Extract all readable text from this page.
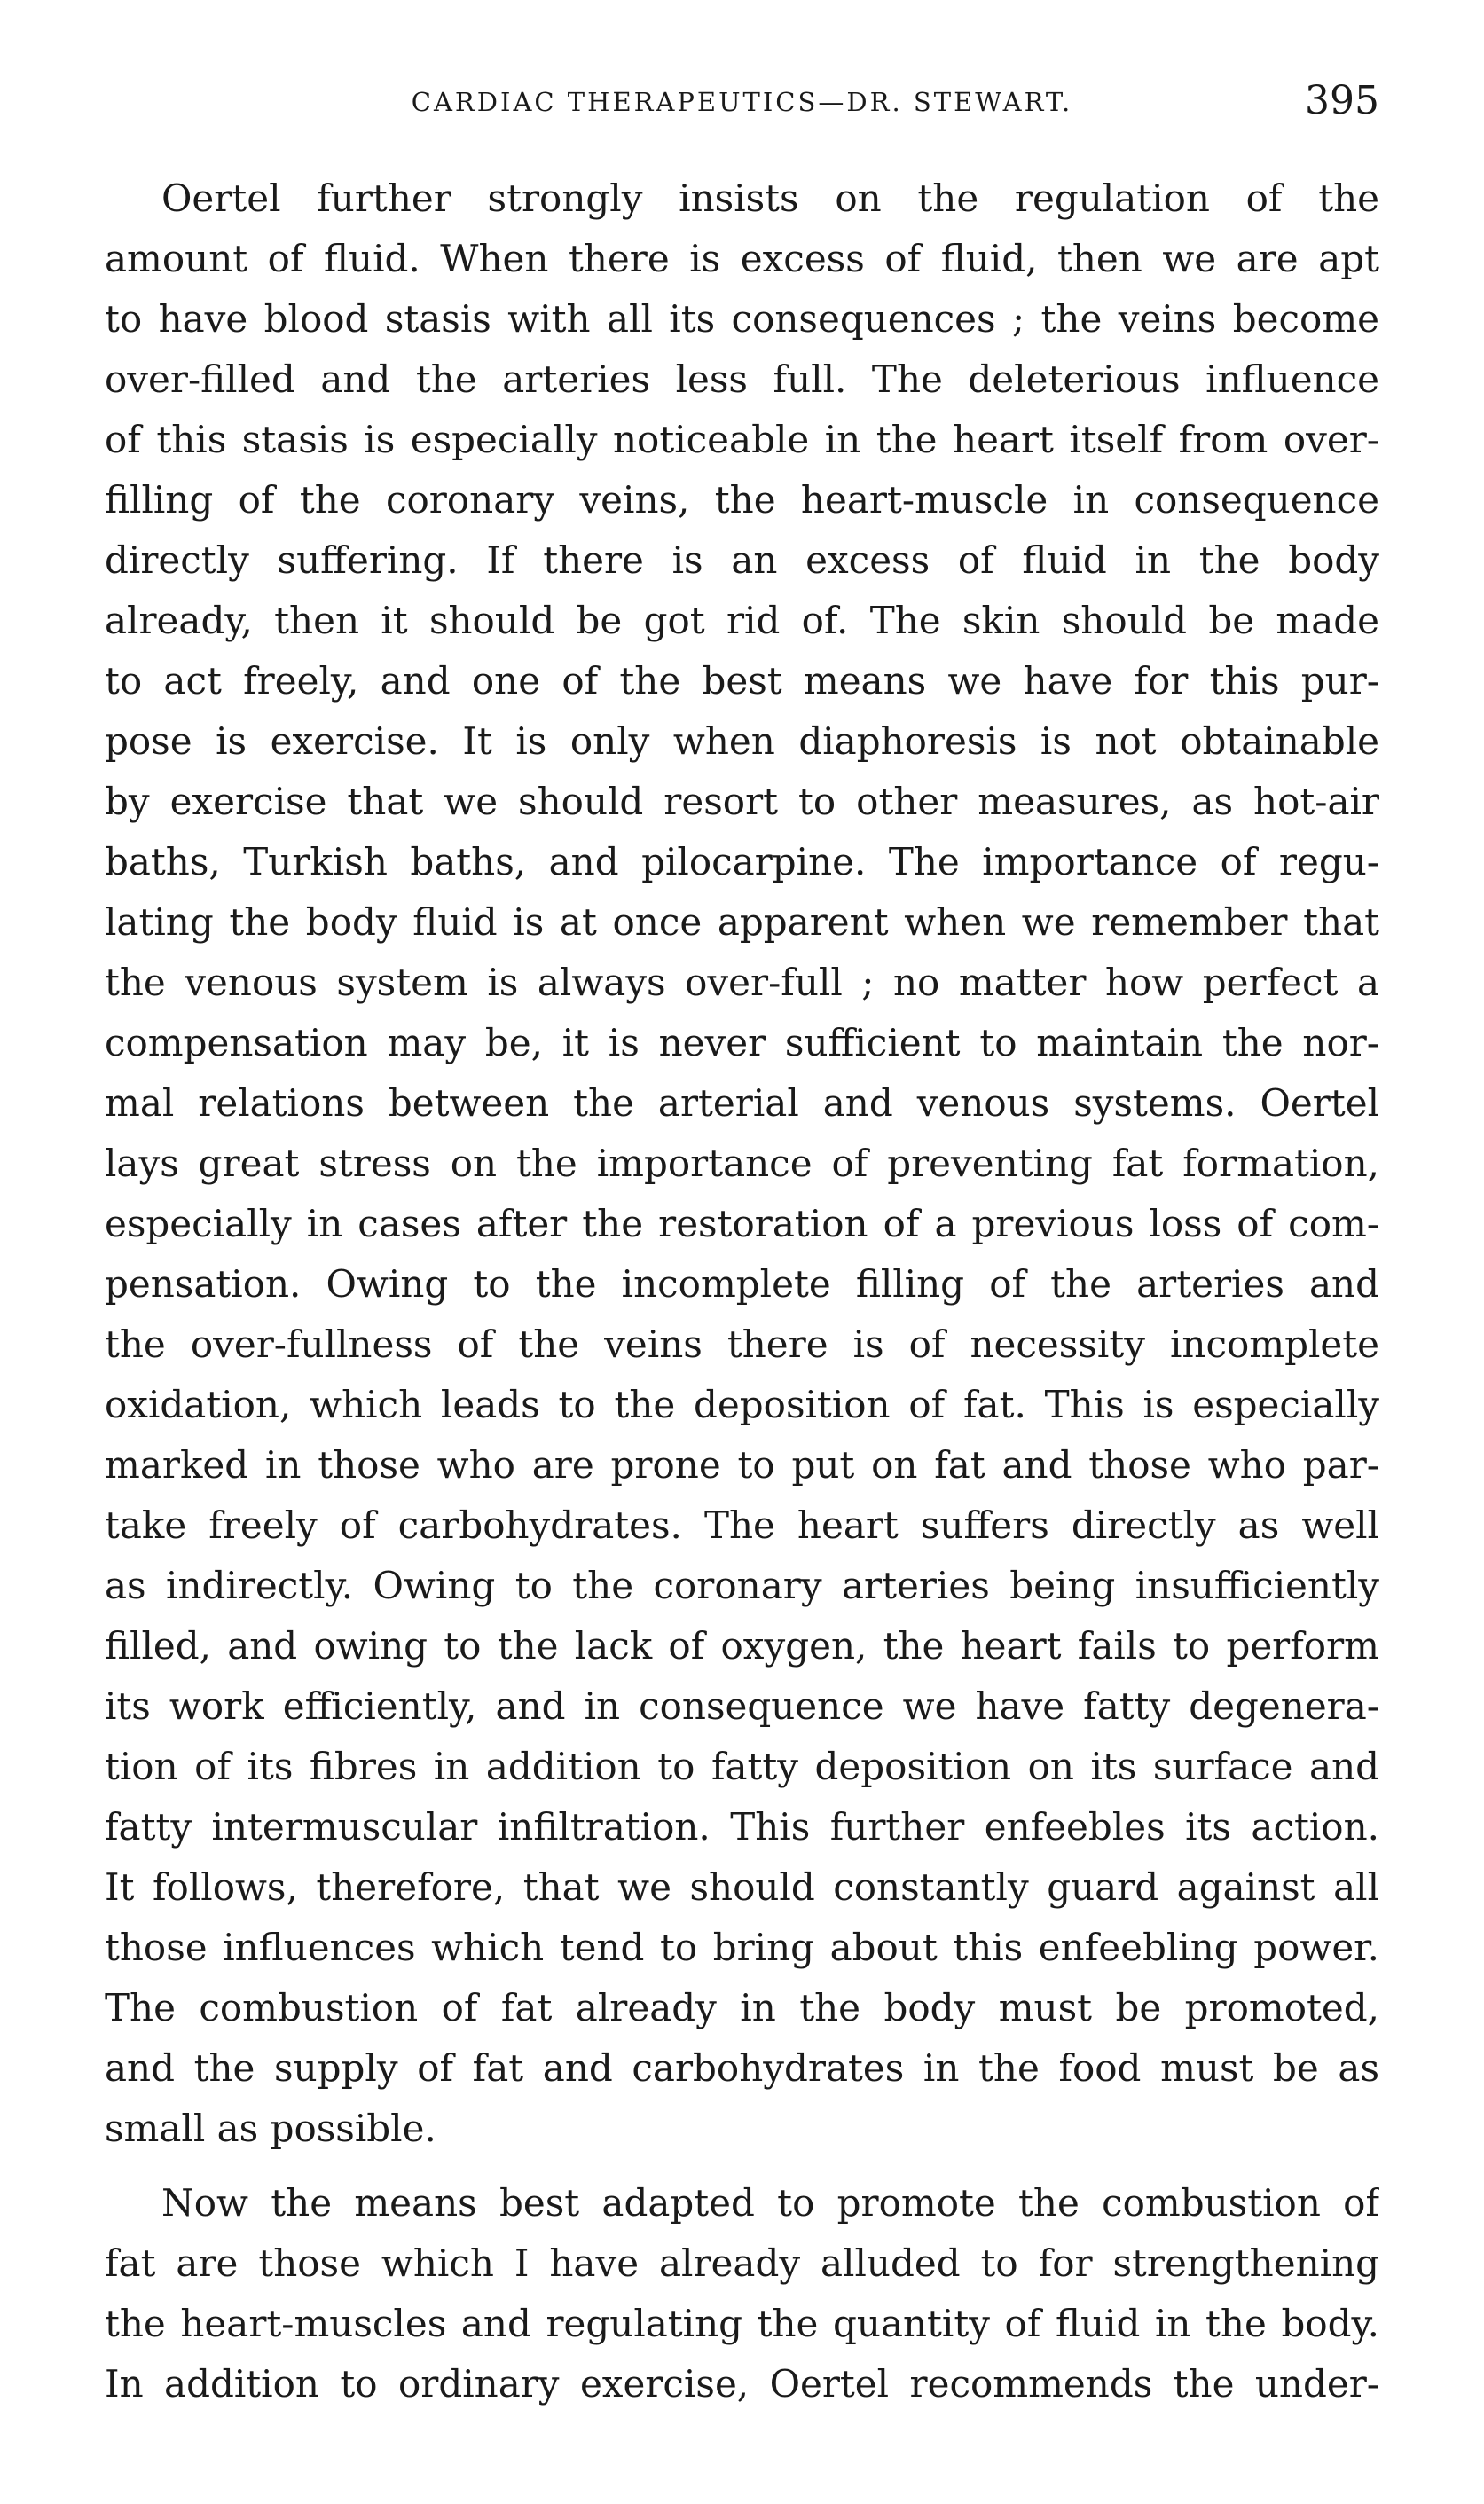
CARDIAC THERAPEUTICS—DR. STEWART.	395
Oertel further strongly insists on the regulation of the
amount of fluid. When there is excess of fluid, then we are apt
to have blood stasis with all its consequences ; the veins become
over-filled and the arteries less full. The deleterious influence
of this stasis is especially noticeable in the heart itself from over-
filling of the coronary veins, the heart-muscle in consequence
directly suffering. If there is an excess of fluid in the body
already, then it should be got rid of. The skin should be made
to act freely, and one of the best means we have for this pur-
pose is exercise. It is only when diaphoresis is not obtainable
by exercise that we should resort to other measures, as hot-air
baths, Turkish baths, and pilocarpine. The importance of regu-
lating the body fluid is at once apparent when we remember that
the venous system is always over-full ; no matter how perfect a
compensation may be, it is never sufficient to maintain the nor-
mal relations between the arterial and venous systems. Oertel
lays great stress on the importance of preventing fat formation,
especially in cases after the restoration of a previous loss of com-
pensation. Owing to the incomplete filling of the arteries and
the over-fullness of the veins there is of necessity incomplete
oxidation, which leads to the deposition of fat. This is especially
marked in those who are prone to put on fat and those who par-
take freely of carbohydrates. The heart suffers directly as well
as indirectly. Owing to the coronary arteries being insufficiently
filled, and owing to the lack of oxygen, the heart fails to perform
its work efficiently, and in consequence we have fatty degenera-
tion of its fibres in addition to fatty deposition on its surface and
fatty intermuscular infiltration. This further enfeebles its action.
It follows, therefore, that we should constantly guard against all
those influences which tend to bring about this enfeebling power.
The combustion of fat already in the body must be promoted,
and the supply of fat and carbohydrates in the food must be as
small as possible.
Now the means best adapted to promote the combustion of
fat are those which I have already alluded to for strengthening
the heart-muscles and regulating the quantity of fluid in the body.
In addition to ordinary exercise, Oertel recommends the under-
